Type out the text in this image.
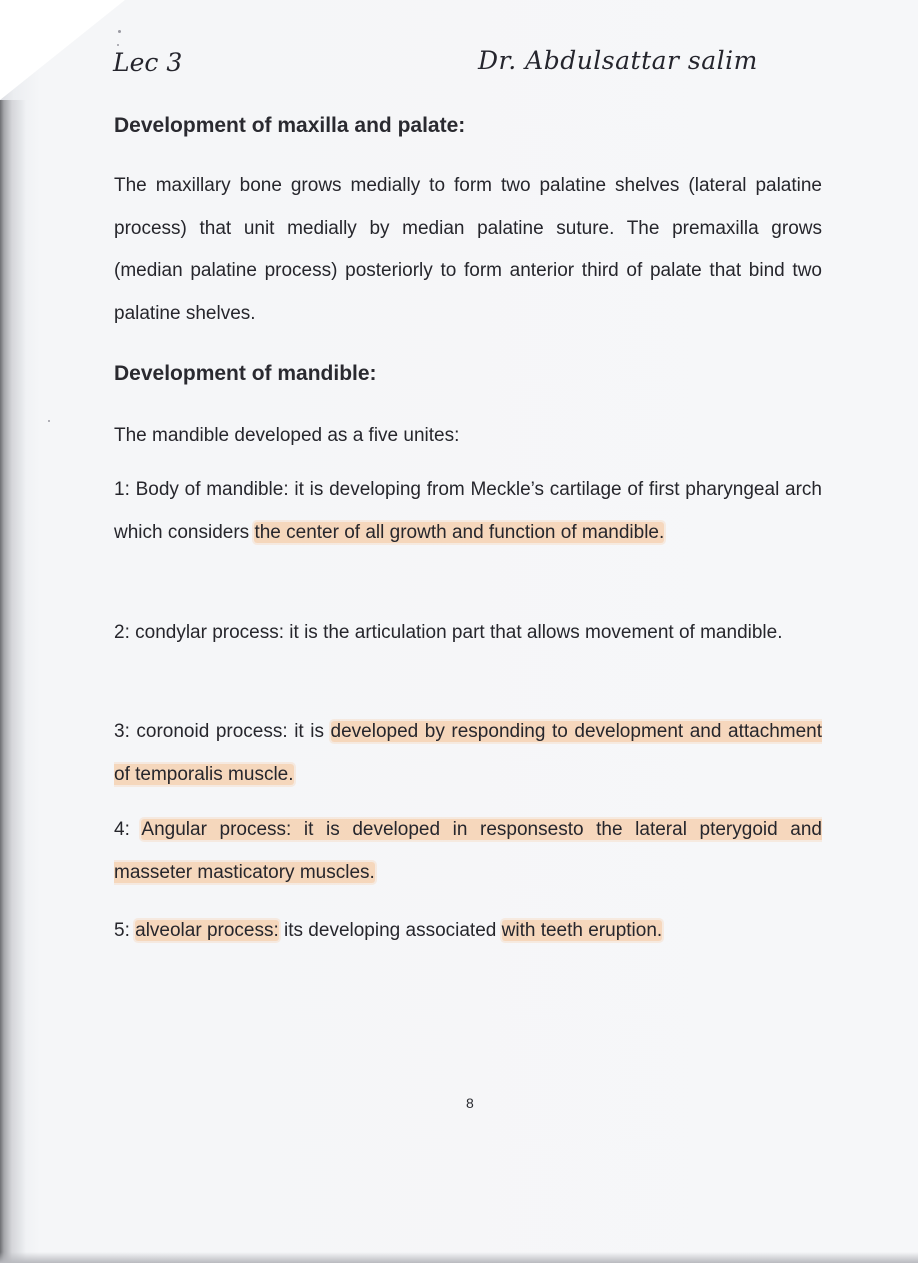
Lec 3	Dr. Abdulsattar salim
Development of maxilla and palate:

The maxillary bone grows medially to form two palatine shelves (lateral palatine process) that unit medially by median palatine suture. The premaxilla grows (median palatine process) posteriorly to form anterior third of palate that bind two palatine shelves.

Development of mandible:

The mandible developed as a five unites:

1: Body of mandible: it is developing from Meckle’s cartilage of first pharyngeal arch which considers the center of all growth and function of mandible.

2: condylar process: it is the articulation part that allows movement of mandible.

3: coronoid process: it is developed by responding to development and attachment of temporalis muscle.

4: Angular process: it is developed in responsesto the lateral pterygoid and masseter masticatory muscles.

5: alveolar process: its developing associated with teeth eruption.

8
